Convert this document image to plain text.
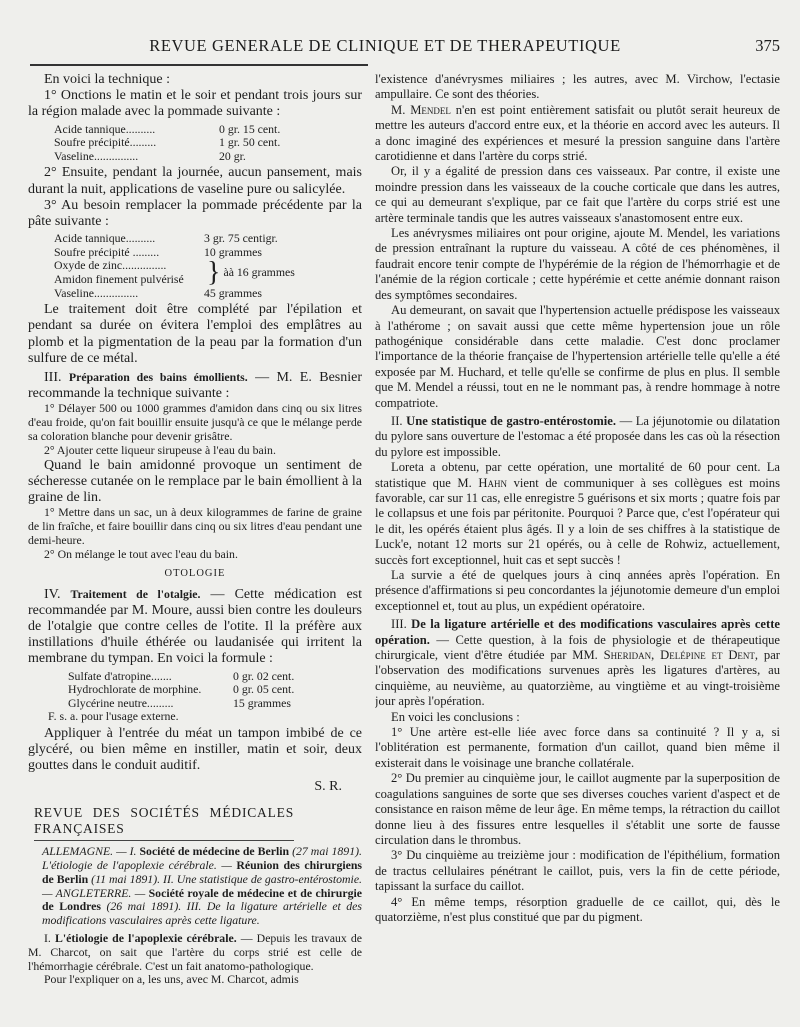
REVUE GENERALE DE CLINIQUE ET DE THERAPEUTIQUE	375

En voici la technique :

1° Onctions le matin et le soir et pendant trois jours sur la région malade avec la pommade suivante :

Acide tannique..........	0 gr. 15 cent.
Soufre précipité.........	1 gr. 50 cent.
Vaseline...............	20 gr.

2° Ensuite, pendant la journée, aucun pansement, mais durant la nuit, applications de vaseline pure ou salicylée.

3° Au besoin remplacer la pommade précédente par la pâte suivante :

Acide tannique..........	3 gr. 75 centigr.
Soufre précipité .........	10 grammes
Oxyde de zinc...............
Amidon finement pulvérisé } àà 16 grammes
Vaseline...............	45 grammes

Le traitement doit être complété par l'épilation et pendant sa durée on évitera l'emploi des emplâtres au plomb et la pigmentation de la peau par la formation d'un sulfure de ce métal.

III. Préparation des bains émollients. — M. E. Besnier recommande la technique suivante :

1° Délayer 500 ou 1000 grammes d'amidon dans cinq ou six litres d'eau froide, qu'on fait bouillir ensuite jusqu'à ce que le mélange perde sa coloration blanche pour devenir grisâtre.

2° Ajouter cette liqueur sirupeuse à l'eau du bain.

Quand le bain amidonné provoque un sentiment de sécheresse cutanée on le remplace par le bain émollient à la graine de lin.

1° Mettre dans un sac, un à deux kilogrammes de farine de graine de lin fraîche, et faire bouillir dans cinq ou six litres d'eau pendant une demi-heure.

2° On mélange le tout avec l'eau du bain.

OTOLOGIE

IV. Traitement de l'otalgie. — Cette médication est recommandée par M. Moure, aussi bien contre les douleurs de l'otalgie que contre celles de l'otite. Il la préfère aux instillations d'huile éthérée ou laudanisée qui irritent la membrane du tympan. En voici la formule :

Sulfate d'atropine.......	0 gr. 02 cent.
Hydrochlorate de morphine.	0 gr. 05 cent.
Glycérine neutre.........	15 grammes
F. s. a. pour l'usage externe.

Appliquer à l'entrée du méat un tampon imbibé de ce glycéré, ou bien même en instiller, matin et soir, deux gouttes dans le conduit auditif.

S. R.
REVUE DES SOCIÉTÉS MÉDICALES FRANÇAISES

ALLEMAGNE. — I. Société de médecine de Berlin (27 mai 1891). L'étiologie de l'apoplexie cérébrale. — Réunion des chirurgiens de Berlin (11 mai 1891). II. Une statistique de gastro-entérostomie. — ANGLETERRE. — Société royale de médecine et de chirurgie de Londres (26 mai 1891). III. De la ligature artérielle et des modifications vasculaires après cette ligature.

I. L'étiologie de l'apoplexie cérébrale. — Depuis les travaux de M. Charcot, on sait que l'artère du corps strié est celle de l'hémorrhagie cérébrale. C'est un fait anatomo-pathologique.

Pour l'expliquer on a, les uns, avec M. Charcot, admis

l'existence d'anévrysmes miliaires ; les autres, avec M. Virchow, l'ectasie ampullaire. Ce sont des théories.

M. Mendel n'en est point entièrement satisfait ou plutôt serait heureux de mettre les auteurs d'accord entre eux, et la théorie en accord avec les auteurs. Il a donc imaginé des expériences et mesuré la pression sanguine dans l'artère carotidienne et dans l'artère du corps strié.

Or, il y a égalité de pression dans ces vaisseaux. Par contre, il existe une moindre pression dans les vaisseaux de la couche corticale que dans les autres, ce qui au demeurant s'explique, par ce fait que l'artère du corps strié est une artère terminale tandis que les autres vaisseaux s'anastomosent entre eux.

Les anévrysmes miliaires ont pour origine, ajoute M. Mendel, les variations de pression entraînant la rupture du vaisseau. A côté de ces phénomènes, il faudrait encore tenir compte de l'hypérémie de la région de l'hémorrhagie et de l'anémie de la région corticale ; cette hypérémie et cette anémie donnant raison des symptômes secondaires.

Au demeurant, on savait que l'hypertension actuelle prédispose les vaisseaux à l'athérome ; on savait aussi que cette même hypertension joue un rôle pathogénique considérable dans cette maladie. C'est donc proclamer l'importance de la théorie française de l'hypertension artérielle telle qu'elle a été exposée par M. Huchard, et telle qu'elle se confirme de plus en plus. Il semble que M. Mendel a réussi, tout en ne le nommant pas, à rendre hommage à notre compatriote.

II. Une statistique de gastro-entérostomie. — La jéjunotomie ou dilatation du pylore sans ouverture de l'estomac a été proposée dans les cas où la résection du pylore est impossible.

Loreta a obtenu, par cette opération, une mortalité de 60 pour cent. La statistique que M. Hahn vient de communiquer à ses collègues est moins favorable, car sur 11 cas, elle enregistre 5 guérisons et six morts ; quatre fois par le collapsus et une fois par péritonite. Pourquoi ? Parce que, c'est l'opérateur qui le dit, les opérés étaient plus âgés. Il y a loin de ses chiffres à la statistique de Luck'e, notant 12 morts sur 21 opérés, ou à celle de Rohwiz, actuellement, succès fort exceptionnel, huit cas et sept succès !

La survie a été de quelques jours à cinq années après l'opération. En présence d'affirmations si peu concordantes la jéjunotomie demeure d'un emploi exceptionnel et, tout au plus, un expédient opératoire.

III. De la ligature artérielle et des modifications vasculaires après cette opération. — Cette question, à la fois de physiologie et de thérapeutique chirurgicale, vient d'être étudiée par MM. Sheridan, Delépine et Dent, par l'observation des modifications survenues après les ligatures d'artères, au cinquième, au neuvième, au quatorzième, au vingtième et au vingt-troisième jour après l'opération.

En voici les conclusions :

1° Une artère est-elle liée avec force dans sa continuité ? Il y a, si l'oblitération est permanente, formation d'un caillot, quand bien même il existerait dans le voisinage une branche collatérale.

2° Du premier au cinquième jour, le caillot augmente par la superposition de coagulations sanguines de sorte que ses diverses couches varient d'aspect et de consistance en raison même de leur âge. En même temps, la rétraction du caillot donne lieu à des fissures entre lesquelles il s'établit une sorte de fausse circulation dans le thrombus.

3° Du cinquième au treizième jour : modification de l'épithélium, formation de tractus cellulaires pénétrant le caillot, puis, vers la fin de cette période, tapissant la surface du caillot.

4° En même temps, résorption graduelle de ce caillot, qui, dès le quatorzième, n'est plus constitué que par du pigment.
